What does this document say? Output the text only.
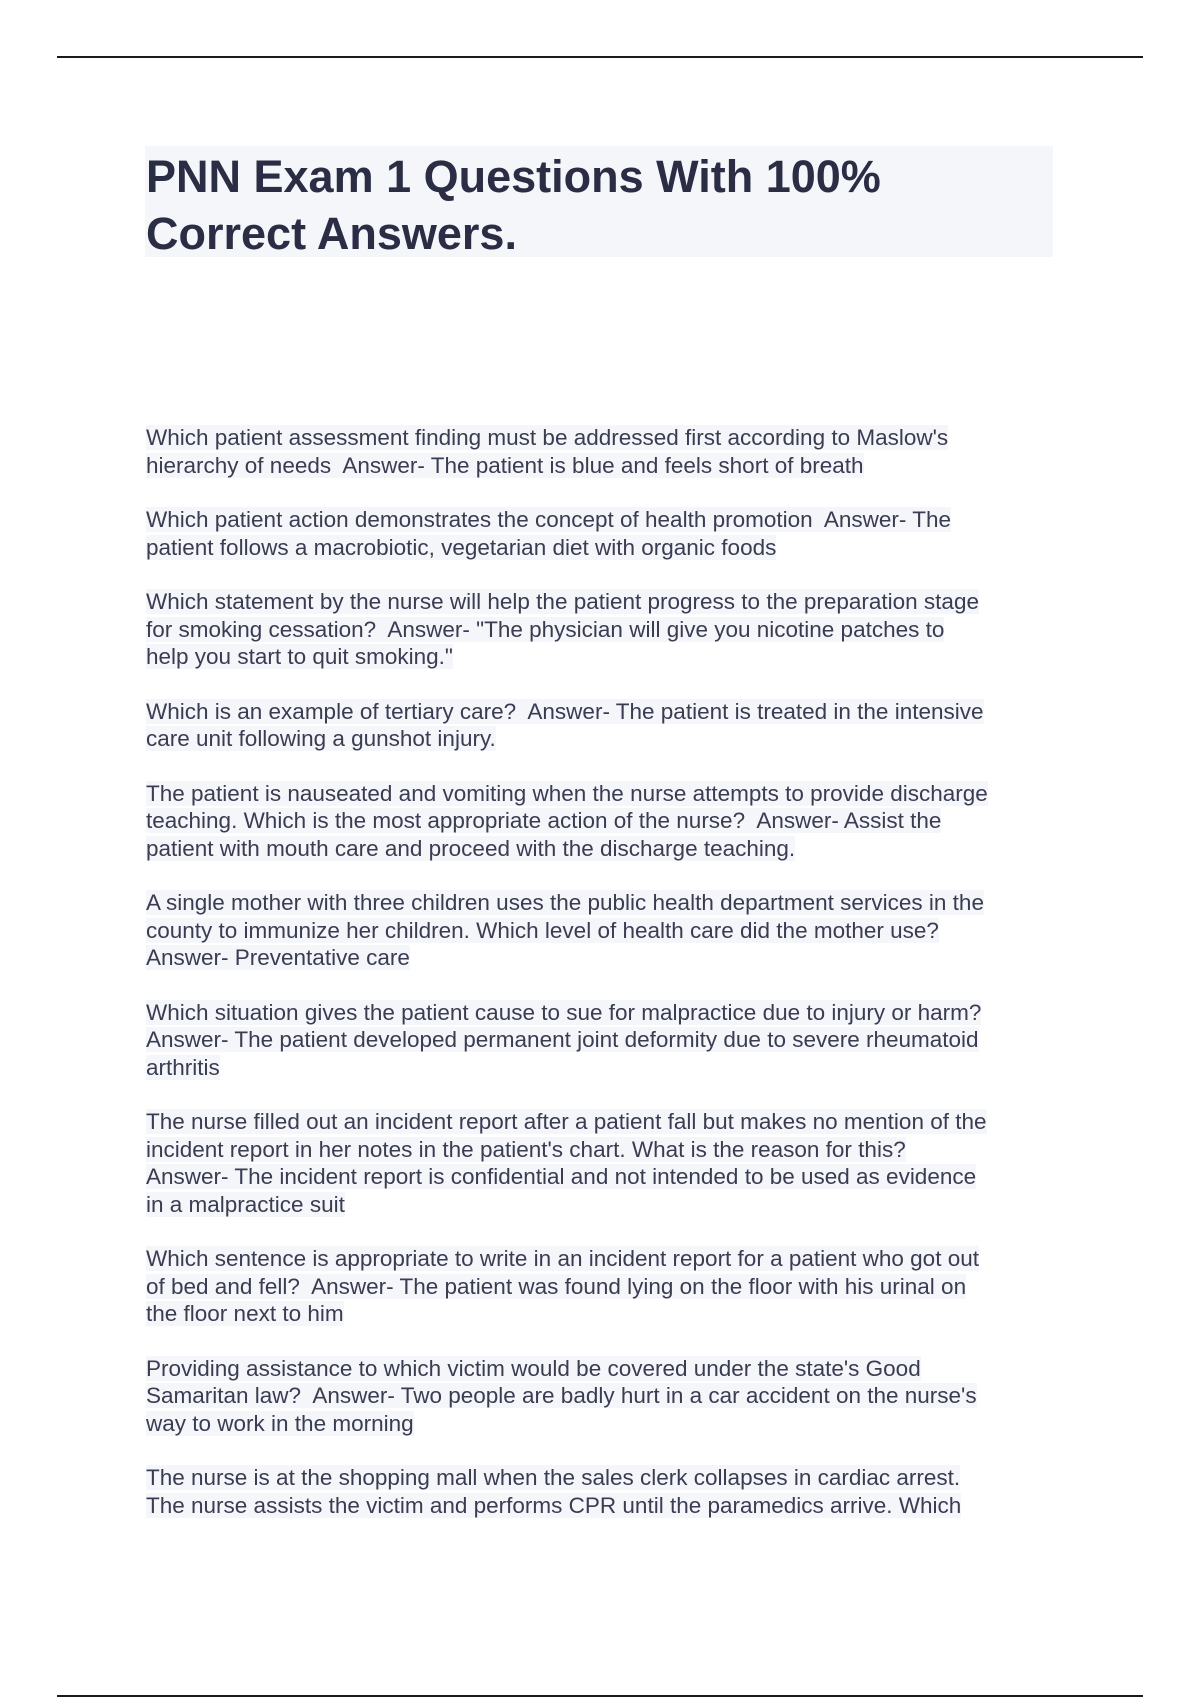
PNN Exam 1 Questions With 100%
Correct Answers.
Which patient assessment finding must be addressed first according to Maslow's
hierarchy of needs  Answer- The patient is blue and feels short of breath
Which patient action demonstrates the concept of health promotion  Answer- The
patient follows a macrobiotic, vegetarian diet with organic foods
Which statement by the nurse will help the patient progress to the preparation stage
for smoking cessation?  Answer- "The physician will give you nicotine patches to
help you start to quit smoking."
Which is an example of tertiary care?  Answer- The patient is treated in the intensive
care unit following a gunshot injury.
The patient is nauseated and vomiting when the nurse attempts to provide discharge
teaching. Which is the most appropriate action of the nurse?  Answer- Assist the
patient with mouth care and proceed with the discharge teaching.
A single mother with three children uses the public health department services in the
county to immunize her children. Which level of health care did the mother use?
Answer- Preventative care
Which situation gives the patient cause to sue for malpractice due to injury or harm?
Answer- The patient developed permanent joint deformity due to severe rheumatoid
arthritis
The nurse filled out an incident report after a patient fall but makes no mention of the
incident report in her notes in the patient's chart. What is the reason for this?
Answer- The incident report is confidential and not intended to be used as evidence
in a malpractice suit
Which sentence is appropriate to write in an incident report for a patient who got out
of bed and fell?  Answer- The patient was found lying on the floor with his urinal on
the floor next to him
Providing assistance to which victim would be covered under the state's Good
Samaritan law?  Answer- Two people are badly hurt in a car accident on the nurse's
way to work in the morning
The nurse is at the shopping mall when the sales clerk collapses in cardiac arrest.
The nurse assists the victim and performs CPR until the paramedics arrive. Which
